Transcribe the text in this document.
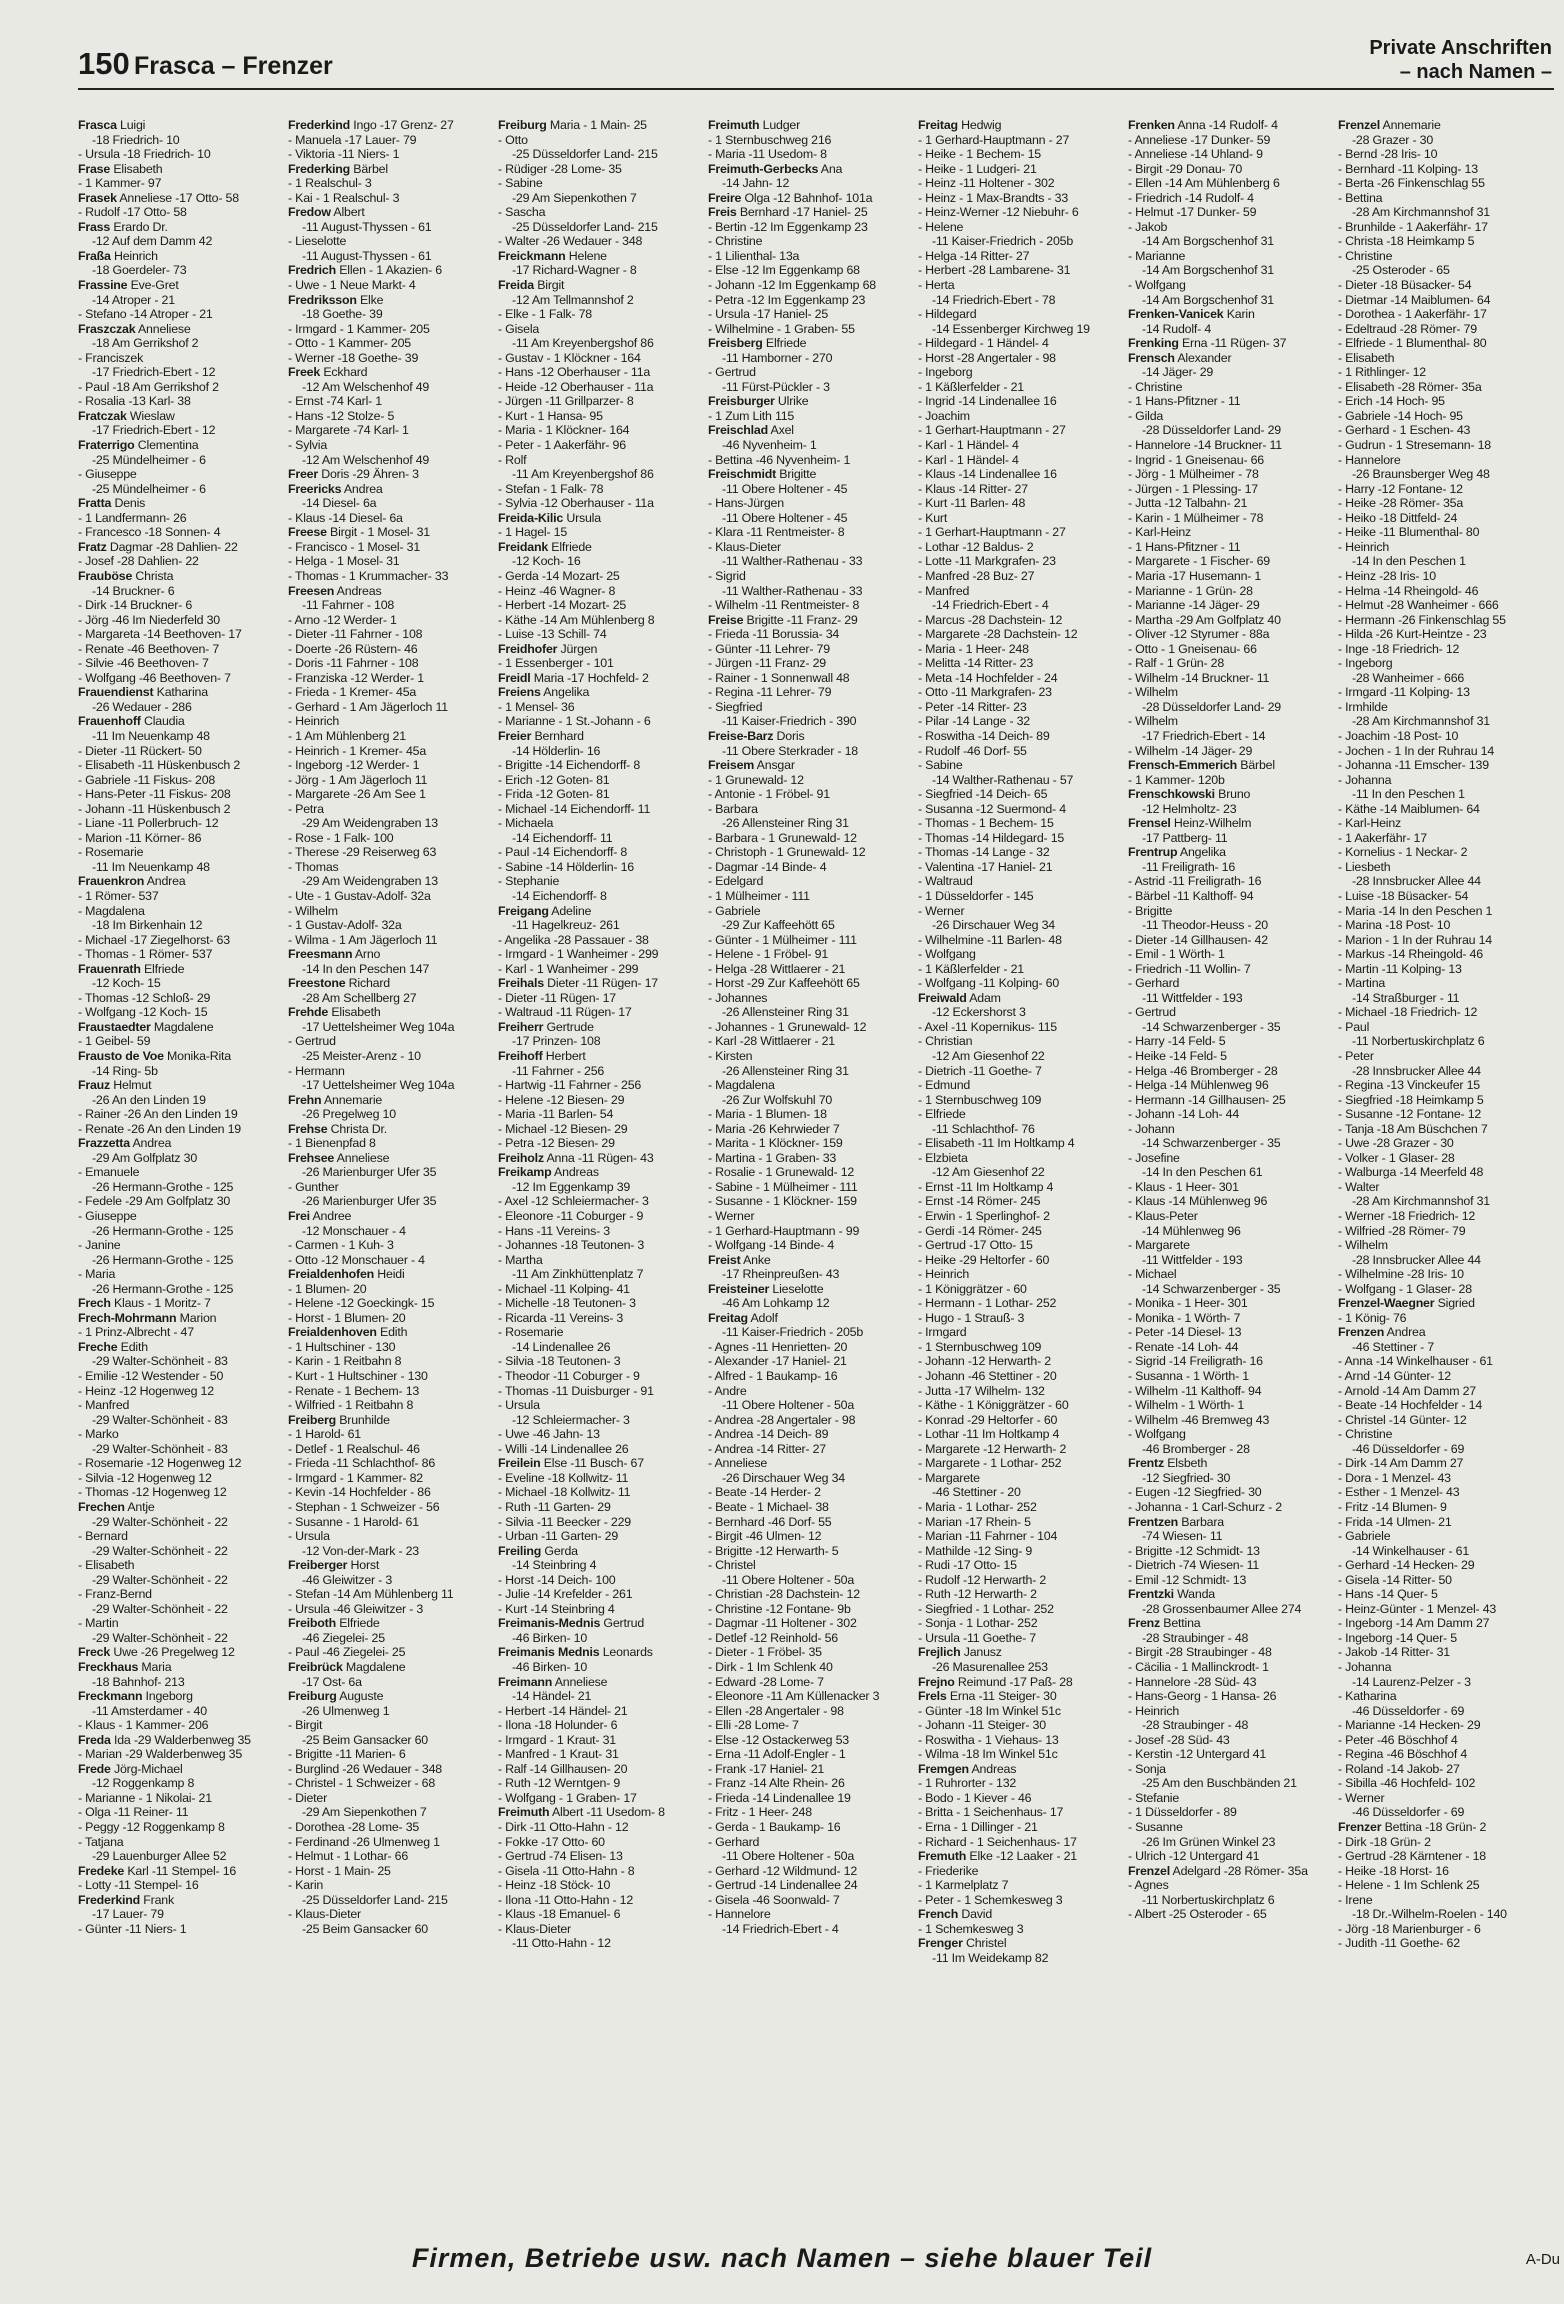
150 Frasca – Frenzer
Private Anschriften
– nach Namen –
Frasca Luigi
-18 Friedrich- 10
- Ursula -18 Friedrich- 10
Frase Elisabeth
- 1 Kammer- 97
Frasek Anneliese -17 Otto- 58
- Rudolf -17 Otto- 58
Frass Erardo Dr.
-12 Auf dem Damm 42
Fraßa Heinrich
-18 Goerdeler- 73
Frassine Eve-Gret
-14 Atroper - 21
- Stefano -14 Atroper - 21
Fraszczak Anneliese
-18 Am Gerrikshof 2
- Franciszek
-17 Friedrich-Ebert - 12
- Paul -18 Am Gerrikshof 2
- Rosalia -13 Karl- 38
Fratczak Wieslaw
-17 Friedrich-Ebert - 12
Fraterrigo Clementina
-25 Mündelheimer - 6
- Giuseppe
-25 Mündelheimer - 6
Fratta Denis
- 1 Landfermann- 26
- Francesco -18 Sonnen- 4
Fratz Dagmar -28 Dahlien- 22
- Josef -28 Dahlien- 22
Frauböse Christa
-14 Bruckner- 6
- Dirk -14 Bruckner- 6
- Jörg -46 Im Niederfeld 30
- Margareta -14 Beethoven- 17
- Renate -46 Beethoven- 7
- Silvie -46 Beethoven- 7
- Wolfgang -46 Beethoven- 7
Frauendienst Katharina
-26 Wedauer - 286
Frauenhoff Claudia
-11 Im Neuenkamp 48
- Dieter -11 Rückert- 50
- Elisabeth -11 Hüskenbusch 2
- Gabriele -11 Fiskus- 208
- Hans-Peter -11 Fiskus- 208
- Johann -11 Hüskenbusch 2
- Liane -11 Pollerbruch- 12
- Marion -11 Körner- 86
- Rosemarie
-11 Im Neuenkamp 48
Frauenkron Andrea
- 1 Römer- 537
- Magdalena
-18 Im Birkenhain 12
- Michael -17 Ziegelhorst- 63
- Thomas - 1 Römer- 537
Frauenrath Elfriede
-12 Koch- 15
- Thomas -12 Schloß- 29
- Wolfgang -12 Koch- 15
Fraustaedter Magdalene
- 1 Geibel- 59
Frausto de Voe Monika-Rita
-14 Ring- 5b
Frauz Helmut
-26 An den Linden 19
- Rainer -26 An den Linden 19
- Renate -26 An den Linden 19
Frazzetta Andrea
-29 Am Golfplatz 30
- Emanuele
-26 Hermann-Grothe - 125
- Fedele -29 Am Golfplatz 30
- Giuseppe
-26 Hermann-Grothe - 125
- Janine
-26 Hermann-Grothe - 125
- Maria
-26 Hermann-Grothe - 125
Frech Klaus - 1 Moritz- 7
Frech-Mohrmann Marion
- 1 Prinz-Albrecht - 47
Freche Edith
-29 Walter-Schönheit - 83
- Emilie -12 Westender - 50
- Heinz -12 Hogenweg 12
- Manfred
-29 Walter-Schönheit - 83
- Marko
-29 Walter-Schönheit - 83
- Rosemarie -12 Hogenweg 12
- Silvia -12 Hogenweg 12
- Thomas -12 Hogenweg 12
Frechen Antje
-29 Walter-Schönheit - 22
- Bernard
-29 Walter-Schönheit - 22
- Elisabeth
-29 Walter-Schönheit - 22
- Franz-Bernd
-29 Walter-Schönheit - 22
- Martin
-29 Walter-Schönheit - 22
Freck Uwe -26 Pregelweg 12
Freckhaus Maria
-18 Bahnhof- 213
Freckmann Ingeborg
-11 Amsterdamer - 40
- Klaus - 1 Kammer- 206
Freda Ida -29 Walderbenweg 35
- Marian -29 Walderbenweg 35
Frede Jörg-Michael
-12 Roggenkamp 8
- Marianne - 1 Nikolai- 21
- Olga -11 Reiner- 11
- Peggy -12 Roggenkamp 8
- Tatjana
-29 Lauenburger Allee 52
Fredeke Karl -11 Stempel- 16
- Lotty -11 Stempel- 16
Frederkind Frank
-17 Lauer- 79
- Günter -11 Niers- 1
Frederkind Ingo -17 Grenz- 27
- Manuela -17 Lauer- 79
- Viktoria -11 Niers- 1
Frederking Bärbel
- 1 Realschul- 3
- Kai - 1 Realschul- 3
Fredow Albert
-11 August-Thyssen - 61
- Lieselotte
-11 August-Thyssen - 61
Fredrich Ellen - 1 Akazien- 6
- Uwe - 1 Neue Markt- 4
Fredriksson Elke
-18 Goethe- 39
- Irmgard - 1 Kammer- 205
- Otto - 1 Kammer- 205
- Werner -18 Goethe- 39
Freek Eckhard
-12 Am Welschenhof 49
- Ernst -74 Karl- 1
- Hans -12 Stolze- 5
- Margarete -74 Karl- 1
- Sylvia
-12 Am Welschenhof 49
Freer Doris -29 Ähren- 3
Freericks Andrea
-14 Diesel- 6a
- Klaus -14 Diesel- 6a
Freese Birgit - 1 Mosel- 31
- Francisco - 1 Mosel- 31
- Helga - 1 Mosel- 31
- Thomas - 1 Krummacher- 33
Freesen Andreas
-11 Fahrner - 108
- Arno -12 Werder- 1
- Dieter -11 Fahrner - 108
- Doerte -26 Rüstern- 46
- Doris -11 Fahrner - 108
- Franziska -12 Werder- 1
- Frieda - 1 Kremer- 45a
- Gerhard - 1 Am Jägerloch 11
- Heinrich
- 1 Am Mühlenberg 21
- Heinrich - 1 Kremer- 45a
- Ingeborg -12 Werder- 1
- Jörg - 1 Am Jägerloch 11
- Margarete -26 Am See 1
- Petra
-29 Am Weidengraben 13
- Rose - 1 Falk- 100
- Therese -29 Reiserweg 63
- Thomas
-29 Am Weidengraben 13
- Ute - 1 Gustav-Adolf- 32a
- Wilhelm
- 1 Gustav-Adolf- 32a
- Wilma - 1 Am Jägerloch 11
Freesmann Arno
-14 In den Peschen 147
Freestone Richard
-28 Am Schellberg 27
Frehde Elisabeth
-17 Uettelsheimer Weg 104a
- Gertrud
-25 Meister-Arenz - 10
- Hermann
-17 Uettelsheimer Weg 104a
Frehn Annemarie
-26 Pregelweg 10
Frehse Christa Dr.
- 1 Bienenpfad 8
Frehsee Anneliese
-26 Marienburger Ufer 35
- Gunther
-26 Marienburger Ufer 35
Frei Andree
-12 Monschauer - 4
- Carmen - 1 Kuh- 3
- Otto -12 Monschauer - 4
Freialdenhofen Heidi
- 1 Blumen- 20
- Helene -12 Goeckingk- 15
- Horst - 1 Blumen- 20
Freialdenhoven Edith
- 1 Hultschiner - 130
- Karin - 1 Reitbahn 8
- Kurt - 1 Hultschiner - 130
- Renate - 1 Bechem- 13
- Wilfried - 1 Reitbahn 8
Freiberg Brunhilde
- 1 Harold- 61
- Detlef - 1 Realschul- 46
- Frieda -11 Schlachthof- 86
- Irmgard - 1 Kammer- 82
- Kevin -14 Hochfelder - 86
- Stephan - 1 Schweizer - 56
- Susanne - 1 Harold- 61
- Ursula
-12 Von-der-Mark - 23
Freiberger Horst
-46 Gleiwitzer - 3
- Stefan -14 Am Mühlenberg 11
- Ursula -46 Gleiwitzer - 3
Freiboth Elfriede
-46 Ziegelei- 25
- Paul -46 Ziegelei- 25
Freibrück Magdalene
-17 Ost- 6a
Freiburg Auguste
-26 Ulmenweg 1
- Birgit
-25 Beim Gansacker 60
- Brigitte -11 Marien- 6
- Burglind -26 Wedauer - 348
- Christel - 1 Schweizer - 68
- Dieter
-29 Am Siepenkothen 7
- Dorothea -28 Lome- 35
- Ferdinand -26 Ulmenweg 1
- Helmut - 1 Lothar- 66
- Horst - 1 Main- 25
- Karin
-25 Düsseldorfer Land- 215
- Klaus-Dieter
-25 Beim Gansacker 60
Freiburg Maria - 1 Main- 25
- Otto
-25 Düsseldorfer Land- 215
- Rüdiger -28 Lome- 35
- Sabine
-29 Am Siepenkothen 7
- Sascha
-25 Düsseldorfer Land- 215
- Walter -26 Wedauer - 348
Freickmann Helene
-17 Richard-Wagner - 8
Freida Birgit
-12 Am Tellmannshof 2
- Elke - 1 Falk- 78
- Gisela
-11 Am Kreyenbergshof 86
- Gustav - 1 Klöckner - 164
- Hans -12 Oberhauser - 11a
- Heide -12 Oberhauser - 11a
- Jürgen -11 Grillparzer- 8
- Kurt - 1 Hansa- 95
- Maria - 1 Klöckner- 164
- Peter - 1 Aakerfähr- 96
- Rolf
-11 Am Kreyenbergshof 86
- Stefan - 1 Falk- 78
- Sylvia -12 Oberhauser - 11a
Freida-Kilic Ursula
- 1 Hagel- 15
Freidank Elfriede
-12 Koch- 16
- Gerda -14 Mozart- 25
- Heinz -46 Wagner- 8
- Herbert -14 Mozart- 25
- Käthe -14 Am Mühlenberg 8
- Luise -13 Schill- 74
Freidhofer Jürgen
- 1 Essenberger - 101
Freidl Maria -17 Hochfeld- 2
Freiens Angelika
- 1 Mensel- 36
- Marianne - 1 St.-Johann - 6
Freier Bernhard
-14 Hölderlin- 16
- Brigitte -14 Eichendorff- 8
- Erich -12 Goten- 81
- Frida -12 Goten- 81
- Michael -14 Eichendorff- 11
- Michaela
-14 Eichendorff- 11
- Paul -14 Eichendorff- 8
- Sabine -14 Hölderlin- 16
- Stephanie
-14 Eichendorff- 8
Freigang Adeline
-11 Hagelkreuz- 261
- Angelika -28 Passauer - 38
- Irmgard - 1 Wanheimer - 299
- Karl - 1 Wanheimer - 299
Freihals Dieter -11 Rügen- 17
- Dieter -11 Rügen- 17
- Waltraud -11 Rügen- 17
Freiherr Gertrude
-17 Prinzen- 108
Freihoff Herbert
-11 Fahrner - 256
- Hartwig -11 Fahrner - 256
- Helene -12 Biesen- 29
- Maria -11 Barlen- 54
- Michael -12 Biesen- 29
- Petra -12 Biesen- 29
Freiholz Anna -11 Rügen- 43
Freikamp Andreas
-12 Im Eggenkamp 39
- Axel -12 Schleiermacher- 3
- Eleonore -11 Coburger - 9
- Hans -11 Vereins- 3
- Johannes -18 Teutonen- 3
- Martha
-11 Am Zinkhüttenplatz 7
- Michael -11 Kolping- 41
- Michelle -18 Teutonen- 3
- Ricarda -11 Vereins- 3
- Rosemarie
-14 Lindenallee 26
- Silvia -18 Teutonen- 3
- Theodor -11 Coburger - 9
- Thomas -11 Duisburger - 91
- Ursula
-12 Schleiermacher- 3
- Uwe -46 Jahn- 13
- Willi -14 Lindenallee 26
Freilein Else -11 Busch- 67
- Eveline -18 Kollwitz- 11
- Michael -18 Kollwitz- 11
- Ruth -11 Garten- 29
- Silvia -11 Beecker - 229
- Urban -11 Garten- 29
Freiling Gerda
-14 Steinbring 4
- Horst -14 Deich- 100
- Julie -14 Krefelder - 261
- Kurt -14 Steinbring 4
Freimanis-Mednis Gertrud
-46 Birken- 10
Freimanis Mednis Leonards
-46 Birken- 10
Freimann Anneliese
-14 Händel- 21
- Herbert -14 Händel- 21
- Ilona -18 Holunder- 6
- Irmgard - 1 Kraut- 31
- Manfred - 1 Kraut- 31
- Ralf -14 Gillhausen- 20
- Ruth -12 Werntgen- 9
- Wolfgang - 1 Graben- 17
Freimuth Albert -11 Usedom- 8
- Dirk -11 Otto-Hahn - 12
- Fokke -17 Otto- 60
- Gertrud -74 Elisen- 13
- Gisela -11 Otto-Hahn - 8
- Heinz -18 Stöck- 10
- Ilona -11 Otto-Hahn - 12
- Klaus -18 Emanuel- 6
- Klaus-Dieter
-11 Otto-Hahn - 12
Freimuth Ludger
- 1 Sternbuschweg 216
- Maria -11 Usedom- 8
Freimuth-Gerbecks Ana
-14 Jahn- 12
Freire Olga -12 Bahnhof- 101a
Freis Bernhard -17 Haniel- 25
- Bertin -12 Im Eggenkamp 23
- Christine
- 1 Lilienthal- 13a
- Else -12 Im Eggenkamp 68
- Johann -12 Im Eggenkamp 68
- Petra -12 Im Eggenkamp 23
- Ursula -17 Haniel- 25
- Wilhelmine - 1 Graben- 55
Freisberg Elfriede
-11 Hamborner - 270
- Gertrud
-11 Fürst-Pückler - 3
Freisburger Ulrike
- 1 Zum Lith 115
Freischlad Axel
-46 Nyvenheim- 1
- Bettina -46 Nyvenheim- 1
Freischmidt Brigitte
-11 Obere Holtener - 45
- Hans-Jürgen
-11 Obere Holtener - 45
- Klara -11 Rentmeister- 8
- Klaus-Dieter
-11 Walther-Rathenau - 33
- Sigrid
-11 Walther-Rathenau - 33
- Wilhelm -11 Rentmeister- 8
Freise Brigitte -11 Franz- 29
- Frieda -11 Borussia- 34
- Günter -11 Lehrer- 79
- Jürgen -11 Franz- 29
- Rainer - 1 Sonnenwall 48
- Regina -11 Lehrer- 79
- Siegfried
-11 Kaiser-Friedrich - 390
Freise-Barz Doris
-11 Obere Sterkrader - 18
Freisem Ansgar
- 1 Grunewald- 12
- Antonie - 1 Fröbel- 91
- Barbara
-26 Allensteiner Ring 31
- Barbara - 1 Grunewald- 12
- Christoph - 1 Grunewald- 12
- Dagmar -14 Binde- 4
- Edelgard
- 1 Mülheimer - 111
- Gabriele
-29 Zur Kaffeehött 65
- Günter - 1 Mülheimer - 111
- Helene - 1 Fröbel- 91
- Helga -28 Wittlaerer - 21
- Horst -29 Zur Kaffeehött 65
- Johannes
-26 Allensteiner Ring 31
- Johannes - 1 Grunewald- 12
- Karl -28 Wittlaerer - 21
- Kirsten
-26 Allensteiner Ring 31
- Magdalena
-26 Zur Wolfskuhl 70
- Maria - 1 Blumen- 18
- Maria -26 Kehrwieder 7
- Marita - 1 Klöckner- 159
- Martina - 1 Graben- 33
- Rosalie - 1 Grunewald- 12
- Sabine - 1 Mülheimer - 111
- Susanne - 1 Klöckner- 159
- Werner
- 1 Gerhard-Hauptmann - 99
- Wolfgang -14 Binde- 4
Freist Anke
-17 Rheinpreußen- 43
Freisteiner Lieselotte
-46 Am Lohkamp 12
Freitag Adolf
-11 Kaiser-Friedrich - 205b
- Agnes -11 Henrietten- 20
- Alexander -17 Haniel- 21
- Alfred - 1 Baukamp- 16
- Andre
-11 Obere Holtener - 50a
- Andrea -28 Angertaler - 98
- Andrea -14 Deich- 89
- Andrea -14 Ritter- 27
- Anneliese
-26 Dirschauer Weg 34
- Beate -14 Herder- 2
- Beate - 1 Michael- 38
- Bernhard -46 Dorf- 55
- Birgit -46 Ulmen- 12
- Brigitte -12 Herwarth- 5
- Christel
-11 Obere Holtener - 50a
- Christian -28 Dachstein- 12
- Christine -12 Fontane- 9b
- Dagmar -11 Holtener - 302
- Detlef -12 Reinhold- 56
- Dieter - 1 Fröbel- 35
- Dirk - 1 Im Schlenk 40
- Edward -28 Lome- 7
- Eleonore -11 Am Küllenacker 3
- Ellen -28 Angertaler - 98
- Elli -28 Lome- 7
- Else -12 Ostackerweg 53
- Erna -11 Adolf-Engler - 1
- Frank -17 Haniel- 21
- Franz -14 Alte Rhein- 26
- Frieda -14 Lindenallee 19
- Fritz - 1 Heer- 248
- Gerda - 1 Baukamp- 16
- Gerhard
-11 Obere Holtener - 50a
- Gerhard -12 Wildmund- 12
- Gertrud -14 Lindenallee 24
- Gisela -46 Soonwald- 7
- Hannelore
-14 Friedrich-Ebert - 4
Freitag Hedwig
- 1 Gerhard-Hauptmann - 27
- Heike - 1 Bechem- 15
- Heike - 1 Ludgeri- 21
- Heinz -11 Holtener - 302
- Heinz - 1 Max-Brandts - 33
- Heinz-Werner -12 Niebuhr- 6
- Helene
-11 Kaiser-Friedrich - 205b
- Helga -14 Ritter- 27
- Herbert -28 Lambarene- 31
- Herta
-14 Friedrich-Ebert - 78
- Hildegard
-14 Essenberger Kirchweg 19
- Hildegard - 1 Händel- 4
- Horst -28 Angertaler - 98
- Ingeborg
- 1 Käßlerfelder - 21
- Ingrid -14 Lindenallee 16
- Joachim
- 1 Gerhart-Hauptmann - 27
- Karl - 1 Händel- 4
- Karl - 1 Händel- 4
- Klaus -14 Lindenallee 16
- Klaus -14 Ritter- 27
- Kurt -11 Barlen- 48
- Kurt
- 1 Gerhart-Hauptmann - 27
- Lothar -12 Baldus- 2
- Lotte -11 Markgrafen- 23
- Manfred -28 Buz- 27
- Manfred
-14 Friedrich-Ebert - 4
- Marcus -28 Dachstein- 12
- Margarete -28 Dachstein- 12
- Maria - 1 Heer- 248
- Melitta -14 Ritter- 23
- Meta -14 Hochfelder - 24
- Otto -11 Markgrafen- 23
- Peter -14 Ritter- 23
- Pilar -14 Lange - 32
- Roswitha -14 Deich- 89
- Rudolf -46 Dorf- 55
- Sabine
-14 Walther-Rathenau - 57
- Siegfried -14 Deich- 65
- Susanna -12 Suermond- 4
- Thomas - 1 Bechem- 15
- Thomas -14 Hildegard- 15
- Thomas -14 Lange - 32
- Valentina -17 Haniel- 21
- Waltraud
- 1 Düsseldorfer - 145
- Werner
-26 Dirschauer Weg 34
- Wilhelmine -11 Barlen- 48
- Wolfgang
- 1 Käßlerfelder - 21
- Wolfgang -11 Kolping- 60
Freiwald Adam
-12 Eckershorst 3
- Axel -11 Kopernikus- 115
- Christian
-12 Am Giesenhof 22
- Dietrich -11 Goethe- 7
- Edmund
- 1 Sternbuschweg 109
- Elfriede
-11 Schlachthof- 76
- Elisabeth -11 Im Holtkamp 4
- Elzbieta
-12 Am Giesenhof 22
- Ernst -11 Im Holtkamp 4
- Ernst -14 Römer- 245
- Erwin - 1 Sperlinghof- 2
- Gerdi -14 Römer- 245
- Gertrud -17 Otto- 15
- Heike -29 Heltorfer - 60
- Heinrich
- 1 Königgrätzer - 60
- Hermann - 1 Lothar- 252
- Hugo - 1 Strauß- 3
- Irmgard
- 1 Sternbuschweg 109
- Johann -12 Herwarth- 2
- Johann -46 Stettiner - 20
- Jutta -17 Wilhelm- 132
- Käthe - 1 Königgrätzer - 60
- Konrad -29 Heltorfer - 60
- Lothar -11 Im Holtkamp 4
- Margarete -12 Herwarth- 2
- Margarete - 1 Lothar- 252
- Margarete
-46 Stettiner - 20
- Maria - 1 Lothar- 252
- Marian -17 Rhein- 5
- Marian -11 Fahrner - 104
- Mathilde -12 Sing- 9
- Rudi -17 Otto- 15
- Rudolf -12 Herwarth- 2
- Ruth -12 Herwarth- 2
- Siegfried - 1 Lothar- 252
- Sonja - 1 Lothar- 252
- Ursula -11 Goethe- 7
Frejlich Janusz
-26 Masurenallee 253
Frejno Reimund -17 Paß- 28
Frels Erna -11 Steiger- 30
- Günter -18 Im Winkel 51c
- Johann -11 Steiger- 30
- Roswitha - 1 Viehaus- 13
- Wilma -18 Im Winkel 51c
Fremgen Andreas
- 1 Ruhrorter - 132
- Bodo - 1 Kiever - 46
- Britta - 1 Seichenhaus- 17
- Erna - 1 Dillinger - 21
- Richard - 1 Seichenhaus- 17
Fremuth Elke -12 Laaker - 21
- Friederike
- 1 Karmelplatz 7
- Peter - 1 Schemkesweg 3
French David
- 1 Schemkesweg 3
Frenger Christel
-11 Im Weidekamp 82
Frenken Anna -14 Rudolf- 4
- Anneliese -17 Dunker- 59
- Anneliese -14 Uhland- 9
- Birgit -29 Donau- 70
- Ellen -14 Am Mühlenberg 6
- Friedrich -14 Rudolf- 4
- Helmut -17 Dunker- 59
- Jakob
-14 Am Borgschenhof 31
- Marianne
-14 Am Borgschenhof 31
- Wolfgang
-14 Am Borgschenhof 31
Frenken-Vanicek Karin
-14 Rudolf- 4
Frenking Erna -11 Rügen- 37
Frensch Alexander
-14 Jäger- 29
- Christine
- 1 Hans-Pfitzner - 11
- Gilda
-28 Düsseldorfer Land- 29
- Hannelore -14 Bruckner- 11
- Ingrid - 1 Gneisenau- 66
- Jörg - 1 Mülheimer - 78
- Jürgen - 1 Plessing- 17
- Jutta -12 Talbahn- 21
- Karin - 1 Mülheimer - 78
- Karl-Heinz
- 1 Hans-Pfitzner - 11
- Margarete - 1 Fischer- 69
- Maria -17 Husemann- 1
- Marianne - 1 Grün- 28
- Marianne -14 Jäger- 29
- Martha -29 Am Golfplatz 40
- Oliver -12 Styrumer - 88a
- Otto - 1 Gneisenau- 66
- Ralf - 1 Grün- 28
- Wilhelm -14 Bruckner- 11
- Wilhelm
-28 Düsseldorfer Land- 29
- Wilhelm
-17 Friedrich-Ebert - 14
- Wilhelm -14 Jäger- 29
Frensch-Emmerich Bärbel
- 1 Kammer- 120b
Frenschkowski Bruno
-12 Helmholtz- 23
Frensel Heinz-Wilhelm
-17 Pattberg- 11
Frentrup Angelika
-11 Freiligrath- 16
- Astrid -11 Freiligrath- 16
- Bärbel -11 Kalthoff- 94
- Brigitte
-11 Theodor-Heuss - 20
- Dieter -14 Gillhausen- 42
- Emil - 1 Wörth- 1
- Friedrich -11 Wollin- 7
- Gerhard
-11 Wittfelder - 193
- Gertrud
-14 Schwarzenberger - 35
- Harry -14 Feld- 5
- Heike -14 Feld- 5
- Helga -46 Bromberger - 28
- Helga -14 Mühlenweg 96
- Hermann -14 Gillhausen- 25
- Johann -14 Loh- 44
- Johann
-14 Schwarzenberger - 35
- Josefine
-14 In den Peschen 61
- Klaus - 1 Heer- 301
- Klaus -14 Mühlenweg 96
- Klaus-Peter
-14 Mühlenweg 96
- Margarete
-11 Wittfelder - 193
- Michael
-14 Schwarzenberger - 35
- Monika - 1 Heer- 301
- Monika - 1 Wörth- 7
- Peter -14 Diesel- 13
- Renate -14 Loh- 44
- Sigrid -14 Freiligrath- 16
- Susanna - 1 Wörth- 1
- Wilhelm -11 Kalthoff- 94
- Wilhelm - 1 Wörth- 1
- Wilhelm -46 Bremweg 43
- Wolfgang
-46 Bromberger - 28
Frentz Elsbeth
-12 Siegfried- 30
- Eugen -12 Siegfried- 30
- Johanna - 1 Carl-Schurz - 2
Frentzen Barbara
-74 Wiesen- 11
- Brigitte -12 Schmidt- 13
- Dietrich -74 Wiesen- 11
- Emil -12 Schmidt- 13
Frentzki Wanda
-28 Grossenbaumer Allee 274
Frenz Bettina
-28 Straubinger - 48
- Birgit -28 Straubinger - 48
- Cäcilia - 1 Mallinckrodt- 1
- Hannelore -28 Süd- 43
- Hans-Georg - 1 Hansa- 26
- Heinrich
-28 Straubinger - 48
- Josef -28 Süd- 43
- Kerstin -12 Untergard 41
- Sonja
-25 Am den Buschbänden 21
- Stefanie
- 1 Düsseldorfer - 89
- Susanne
-26 Im Grünen Winkel 23
- Ulrich -12 Untergard 41
Frenzel Adelgard -28 Römer- 35a
- Agnes
-11 Norbertuskirchplatz 6
- Albert -25 Osteroder - 65
Frenzel Annemarie
-28 Grazer - 30
- Bernd -28 Iris- 10
- Bernhard -11 Kolping- 13
- Berta -26 Finkenschlag 55
- Bettina
-28 Am Kirchmannshof 31
- Brunhilde - 1 Aakerfähr- 17
- Christa -18 Heimkamp 5
- Christine
-25 Osteroder - 65
- Dieter -18 Büsacker- 54
- Dietmar -14 Maiblumen- 64
- Dorothea - 1 Aakerfähr- 17
- Edeltraud -28 Römer- 79
- Elfriede - 1 Blumenthal- 80
- Elisabeth
- 1 Rithlinger- 12
- Elisabeth -28 Römer- 35a
- Erich -14 Hoch- 95
- Gabriele -14 Hoch- 95
- Gerhard - 1 Eschen- 43
- Gudrun - 1 Stresemann- 18
- Hannelore
-26 Braunsberger Weg 48
- Harry -12 Fontane- 12
- Heike -28 Römer- 35a
- Heiko -18 Dittfeld- 24
- Heike -11 Blumenthal- 80
- Heinrich
-14 In den Peschen 1
- Heinz -28 Iris- 10
- Helma -14 Rheingold- 46
- Helmut -28 Wanheimer - 666
- Hermann -26 Finkenschlag 55
- Hilda -26 Kurt-Heintze - 23
- Inge -18 Friedrich- 12
- Ingeborg
-28 Wanheimer - 666
- Irmgard -11 Kolping- 13
- Irmhilde
-28 Am Kirchmannshof 31
- Joachim -18 Post- 10
- Jochen - 1 In der Ruhrau 14
- Johanna -11 Emscher- 139
- Johanna
-11 In den Peschen 1
- Käthe -14 Maiblumen- 64
- Karl-Heinz
- 1 Aakerfähr- 17
- Kornelius - 1 Neckar- 2
- Liesbeth
-28 Innsbrucker Allee 44
- Luise -18 Büsacker- 54
- Maria -14 In den Peschen 1
- Marina -18 Post- 10
- Marion - 1 In der Ruhrau 14
- Markus -14 Rheingold- 46
- Martin -11 Kolping- 13
- Martina
-14 Straßburger - 11
- Michael -18 Friedrich- 12
- Paul
-11 Norbertuskirchplatz 6
- Peter
-28 Innsbrucker Allee 44
- Regina -13 Vinckeufer 15
- Siegfried -18 Heimkamp 5
- Susanne -12 Fontane- 12
- Tanja -18 Am Büschchen 7
- Uwe -28 Grazer - 30
- Volker - 1 Glaser- 28
- Walburga -14 Meerfeld 48
- Walter
-28 Am Kirchmannshof 31
- Werner -18 Friedrich- 12
- Wilfried -28 Römer- 79
- Wilhelm
-28 Innsbrucker Allee 44
- Wilhelmine -28 Iris- 10
- Wolfgang - 1 Glaser- 28
Frenzel-Waegner Sigried
- 1 König- 76
Frenzen Andrea
-46 Stettiner - 7
- Anna -14 Winkelhauser - 61
- Arnd -14 Günter- 12
- Arnold -14 Am Damm 27
- Beate -14 Hochfelder - 14
- Christel -14 Günter- 12
- Christine
-46 Düsseldorfer - 69
- Dirk -14 Am Damm 27
- Dora - 1 Menzel- 43
- Esther - 1 Menzel- 43
- Fritz -14 Blumen- 9
- Frida -14 Ulmen- 21
- Gabriele
-14 Winkelhauser - 61
- Gerhard -14 Hecken- 29
- Gisela -14 Ritter- 50
- Hans -14 Quer- 5
- Heinz-Günter - 1 Menzel- 43
- Ingeborg -14 Am Damm 27
- Ingeborg -14 Quer- 5
- Jakob -14 Ritter- 31
- Johanna
-14 Laurenz-Pelzer - 3
- Katharina
-46 Düsseldorfer - 69
- Marianne -14 Hecken- 29
- Peter -46 Böschhof 4
- Regina -46 Böschhof 4
- Roland -14 Jakob- 27
- Sibilla -46 Hochfeld- 102
- Werner
-46 Düsseldorfer - 69
Frenzer Bettina -18 Grün- 2
- Dirk -18 Grün- 2
- Gertrud -28 Kärntener - 18
- Heike -18 Horst- 16
- Helene - 1 Im Schlenk 25
- Irene
-18 Dr.-Wilhelm-Roelen - 140
- Jörg -18 Marienburger - 6
- Judith -11 Goethe- 62
Firmen, Betriebe usw. nach Namen – siehe blauer Teil	A-Du
